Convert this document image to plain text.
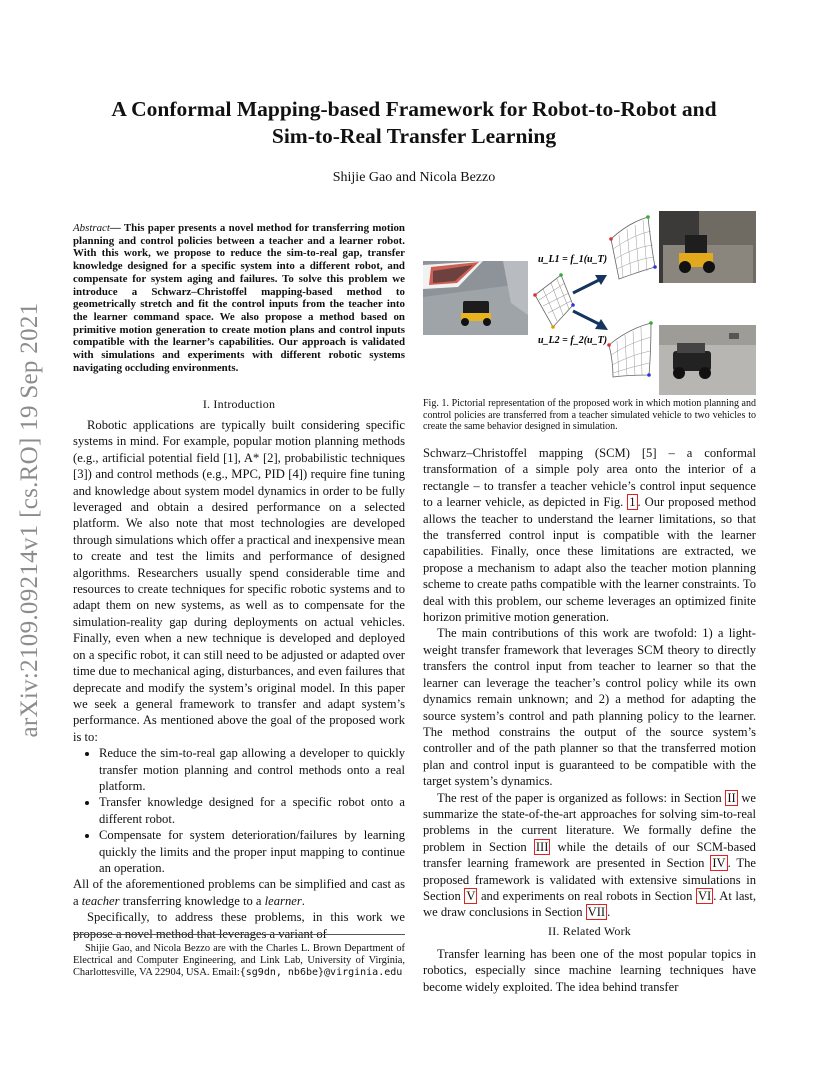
arXiv:2109.09214v1 [cs.RO] 19 Sep 2021
A Conformal Mapping-based Framework for Robot-to-Robot and
Sim-to-Real Transfer Learning
Shijie Gao and Nicola Bezzo
Abstract— This paper presents a novel method for transferring motion planning and control policies between a teacher and a learner robot. With this work, we propose to reduce the sim-to-real gap, transfer knowledge designed for a specific system into a different robot, and compensate for system aging and failures. To solve this problem we introduce a Schwarz–Christoffel mapping-based method to geometrically stretch and fit the control inputs from the teacher into the learner command space. We also propose a method based on primitive motion generation to create motion plans and control inputs compatible with the learner’s capabilities. Our approach is validated with simulations and experiments with different robotic systems navigating occluding environments.
I. Introduction

Robotic applications are typically built considering specific systems in mind. For example, popular motion planning methods (e.g., artificial potential field [1], A* [2], probabilistic techniques [3]) and control methods (e.g., MPC, PID [4]) require fine tuning and knowledge about system model dynamics in order to be fully leveraged and obtain a desired performance on a selected platform. We also note that most technologies are developed through simulations which offer a practical and inexpensive mean to create and test the limits and performance of designed algorithms. Researchers usually spend considerable time and resources to create techniques for specific robotic systems and to adapt them on new systems, as well as to compensate for the simulation-reality gap during deployments on actual vehicles. Finally, even when a new technique is developed and deployed on a specific robot, it can still need to be adjusted or adapted over time due to mechanical aging, disturbances, and even failures that deprecate and modify the system’s original model. In this paper we seek a general framework to transfer and adapt system’s performance. As mentioned above the goal of the proposed work is to:

• Reduce the sim-to-real gap allowing a developer to quickly transfer motion planning and control methods onto a real platform.
• Transfer knowledge designed for a specific robot onto a different robot.
• Compensate for system deterioration/failures by learning quickly the limits and the proper input mapping to continue an operation.

All of the aforementioned problems can be simplified and cast as a teacher transferring knowledge to a learner.

Specifically, to address these problems, in this work we propose a novel method that leverages a variant of

Shijie Gao, and Nicola Bezzo are with the Charles L. Brown Department of Electrical and Computer Engineering, and Link Lab, University of Virginia, Charlottesville, VA 22904, USA. Email:{sg9dn, nb6be}@virginia.edu
u_L1 = f_1(u_T)
u_L2 = f_2(u_T)
Fig. 1. Pictorial representation of the proposed work in which motion planning and control policies are transferred from a teacher simulated vehicle to two vehicles to create the same behavior designed in simulation.

Schwarz–Christoffel mapping (SCM) [5] – a conformal transformation of a simple poly area onto the interior of a rectangle – to transfer a teacher vehicle’s control input sequence to a learner vehicle, as depicted in Fig. 1 . Our proposed method allows the teacher to understand the learner limitations, so that the transferred control input is compatible with the learner capabilities. Finally, once these limitations are extracted, we propose a mechanism to adapt also the teacher motion planning scheme to create paths compatible with the learner constraints. To deal with this problem, our scheme leverages an optimized finite horizon primitive motion generation.

The main contributions of this work are twofold: 1) a light-weight transfer framework that leverages SCM theory to directly transfers the control input from teacher to learner so that the learner can leverage the teacher’s control policy while its own dynamics remain unknown; and 2) a method for adapting the source system’s control and path planning policy to the learner. The method constrains the output of the source system’s controller and of the path planner so that the transferred motion plan and control input is guaranteed to be compatible with the target system’s dynamics.

The rest of the paper is organized as follows: in Section II we summarize the state-of-the-art approaches for solving sim-to-real problems in the current literature. We formally define the problem in Section III while the details of our SCM-based transfer learning framework are presented in Section IV . The proposed framework is validated with extensive simulations in Section V and experiments on real robots in Section VI . At last, we draw conclusions in Section VII .

II. Related Work

Transfer learning has been one of the most popular topics in robotics, especially since machine learning techniques have become widely exploited. The idea behind transfer
